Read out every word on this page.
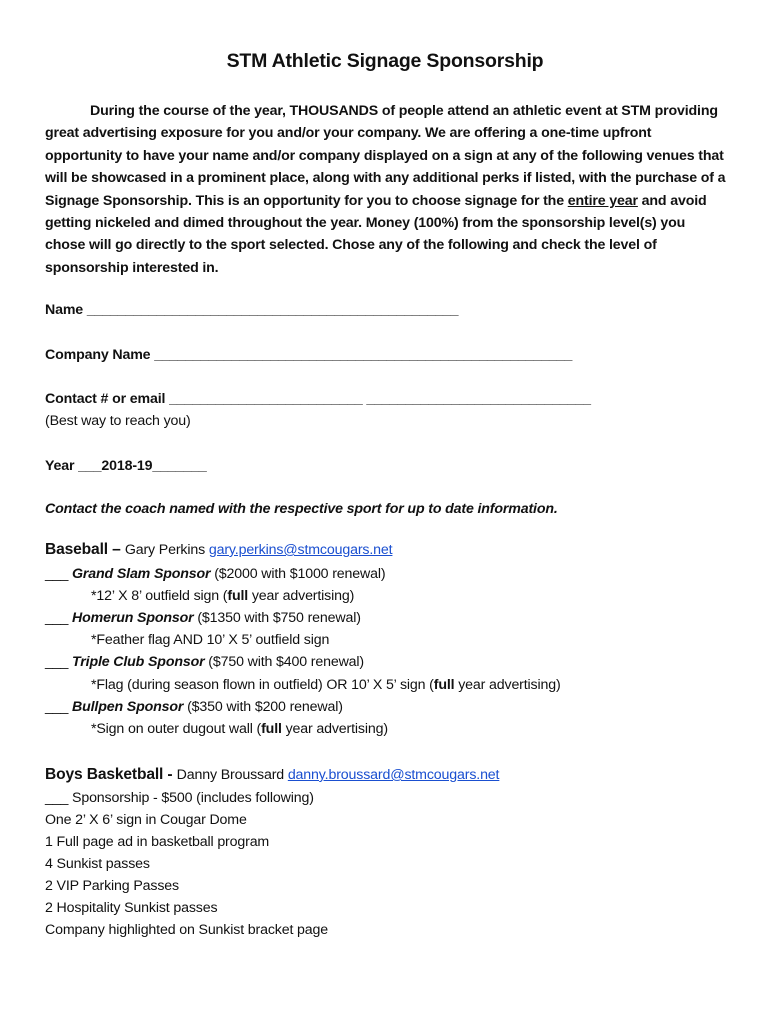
STM Athletic Signage Sponsorship

During the course of the year, THOUSANDS of people attend an athletic event at STM providing great advertising exposure for you and/or your company. We are offering a one-time upfront opportunity to have your name and/or company displayed on a sign at any of the following venues that will be showcased in a prominent place, along with any additional perks if listed, with the purchase of a Signage Sponsorship. This is an opportunity for you to choose signage for the entire year and avoid getting nickeled and dimed throughout the year. Money (100%) from the sponsorship level(s) you chose will go directly to the sport selected. Chose any of the following and check the level of sponsorship interested in.

Name ________________________________________________
Company Name ______________________________________________________
Contact # or email _________________________ _____________________________
(Best way to reach you)
Year ___2018-19_______
Contact the coach named with the respective sport for up to date information.
Baseball – Gary Perkins gary.perkins@stmcougars.net
___ Grand Slam Sponsor ($2000 with $1000 renewal)
*12’ X 8’ outfield sign (full year advertising)
___ Homerun Sponsor ($1350 with $750 renewal)
*Feather flag AND 10’ X 5’ outfield sign
___ Triple Club Sponsor ($750 with $400 renewal)
*Flag (during season flown in outfield) OR 10’ X 5’ sign (full year advertising)
___ Bullpen Sponsor ($350 with $200 renewal)
*Sign on outer dugout wall (full year advertising)
Boys Basketball - Danny Broussard danny.broussard@stmcougars.net
___ Sponsorship - $500 (includes following)
One 2’ X 6’ sign in Cougar Dome
1 Full page ad in basketball program
4 Sunkist passes
2 VIP Parking Passes
2 Hospitality Sunkist passes
Company highlighted on Sunkist bracket page
